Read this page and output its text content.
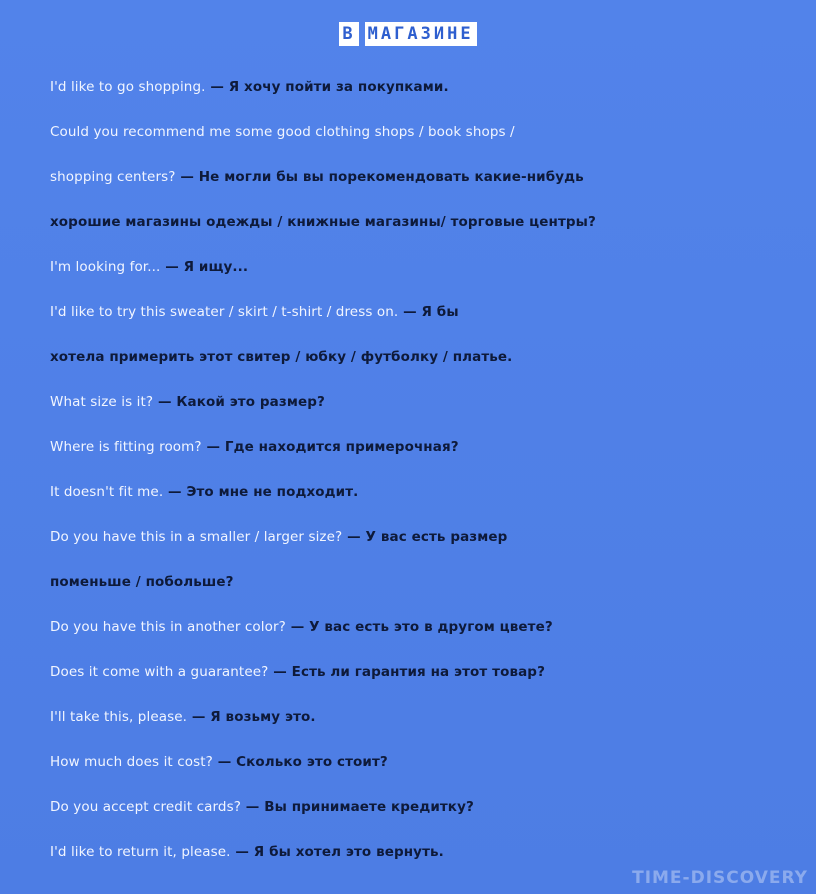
В МАГАЗИНЕ
I'd like to go shopping. — Я хочу пойти за покупками.
Could you recommend me some good clothing shops / book shops /
shopping centers? — Не могли бы вы порекомендовать какие-нибудь
хорошие магазины одежды / книжные магазины/ торговые центры?
I'm looking for... — Я ищу...
I'd like to try this sweater / skirt / t-shirt / dress on. — Я бы
хотела примерить этот свитер / юбку / футболку / платье.
What size is it? — Какой это размер?
Where is fitting room? — Где находится примерочная?
It doesn't fit me. — Это мне не подходит.
Do you have this in a smaller / larger size? — У вас есть размер
поменьше / побольше?
Do you have this in another color? — У вас есть это в другом цвете?
Does it come with a guarantee? — Есть ли гарантия на этот товар?
I'll take this, please. — Я возьму это.
How much does it cost? — Сколько это стоит?
Do you accept credit cards? — Вы принимаете кредитку?
I'd like to return it, please. — Я бы хотел это вернуть.
TIME-DISCOVERY
